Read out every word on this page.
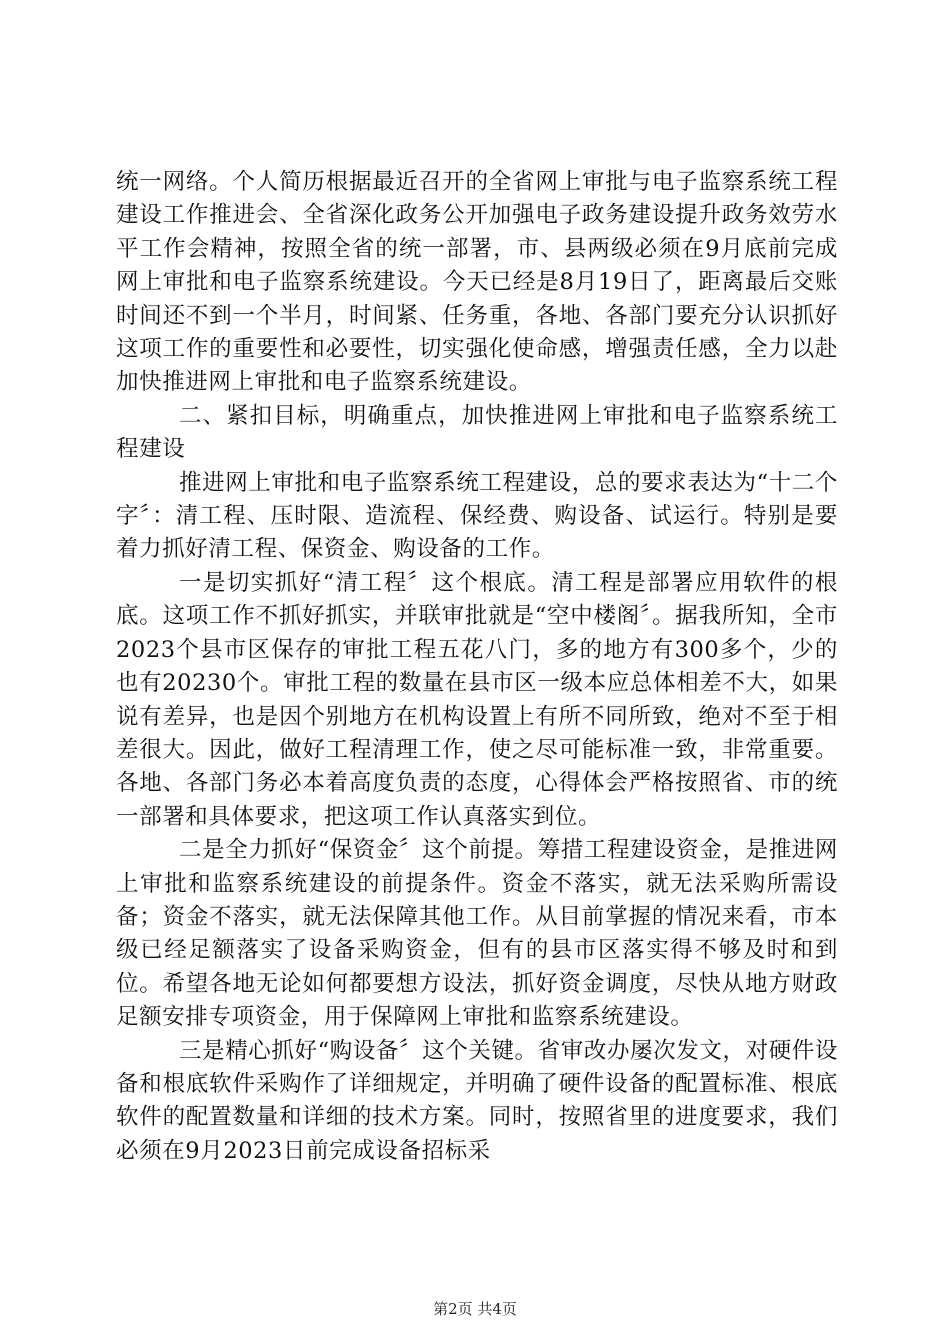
统一网络。个人简历根据最近召开的全省网上审批与电子监察系统工程建设工作推进会、全省深化政务公开加强电子政务建设提升政务效劳水平工作会精神，按照全省的统一部署，市、县两级必须在9月底前完成网上审批和电子监察系统建设。今天已经是8月19日了，距离最后交账时间还不到一个半月，时间紧、任务重，各地、各部门要充分认识抓好这项工作的重要性和必要性，切实强化使命感，增强责任感，全力以赴加快推进网上审批和电子监察系统建设。

二、紧扣目标，明确重点，加快推进网上审批和电子监察系统工程建设

推进网上审批和电子监察系统工程建设，总的要求表达为“十二个字〞：清工程、压时限、造流程、保经费、购设备、试运行。特别是要着力抓好清工程、保资金、购设备的工作。

一是切实抓好“清工程〞这个根底。清工程是部署应用软件的根底。这项工作不抓好抓实，并联审批就是“空中楼阁〞。据我所知，全市2023个县市区保存的审批工程五花八门，多的地方有300多个，少的也有20230个。审批工程的数量在县市区一级本应总体相差不大，如果说有差异，也是因个别地方在机构设置上有所不同所致，绝对不至于相差很大。因此，做好工程清理工作，使之尽可能标准一致，非常重要。各地、各部门务必本着高度负责的态度，心得体会严格按照省、市的统一部署和具体要求，把这项工作认真落实到位。

二是全力抓好“保资金〞这个前提。筹措工程建设资金，是推进网上审批和监察系统建设的前提条件。资金不落实，就无法采购所需设备；资金不落实，就无法保障其他工作。从目前掌握的情况来看，市本级已经足额落实了设备采购资金，但有的县市区落实得不够及时和到位。希望各地无论如何都要想方设法，抓好资金调度，尽快从地方财政足额安排专项资金，用于保障网上审批和监察系统建设。

三是精心抓好“购设备〞这个关键。省审改办屡次发文，对硬件设备和根底软件采购作了详细规定，并明确了硬件设备的配置标准、根底软件的配置数量和详细的技术方案。同时，按照省里的进度要求，我们必须在9月2023日前完成设备招标采

第2页 共4页
